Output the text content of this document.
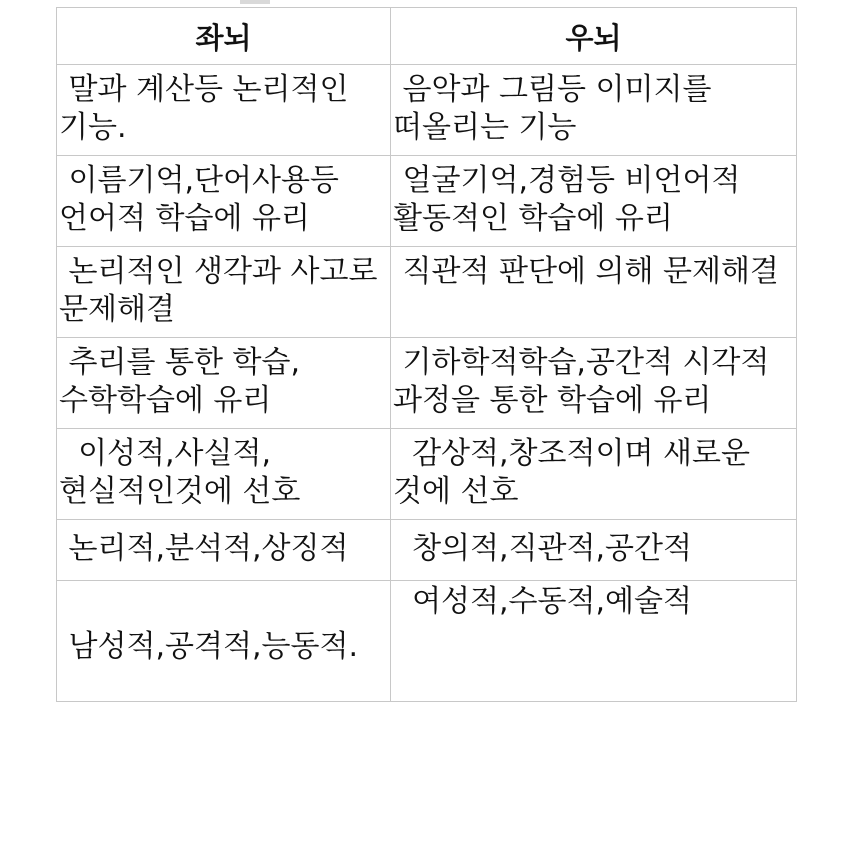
좌뇌	우뇌
말과 계산등 논리적인 기능.	음악과 그림등 이미지를 떠올리는 기능
이름기억,단어사용등 언어적 학습에 유리	얼굴기억,경험등 비언어적 활동적인 학습에 유리
논리적인 생각과 사고로 문제해결	직관적 판단에 의해 문제해결
추리를 통한 학습,수학학습에 유리	기하학적학습,공간적 시각적 과정을 통한 학습에 유리
이성적,사실적,현실적인것에 선호	감상적,창조적이며 새로운 것에 선호
논리적,분석적,상징적	창의적,직관적,공간적
남성적,공격적,능동적.	여성적,수동적,예술적
